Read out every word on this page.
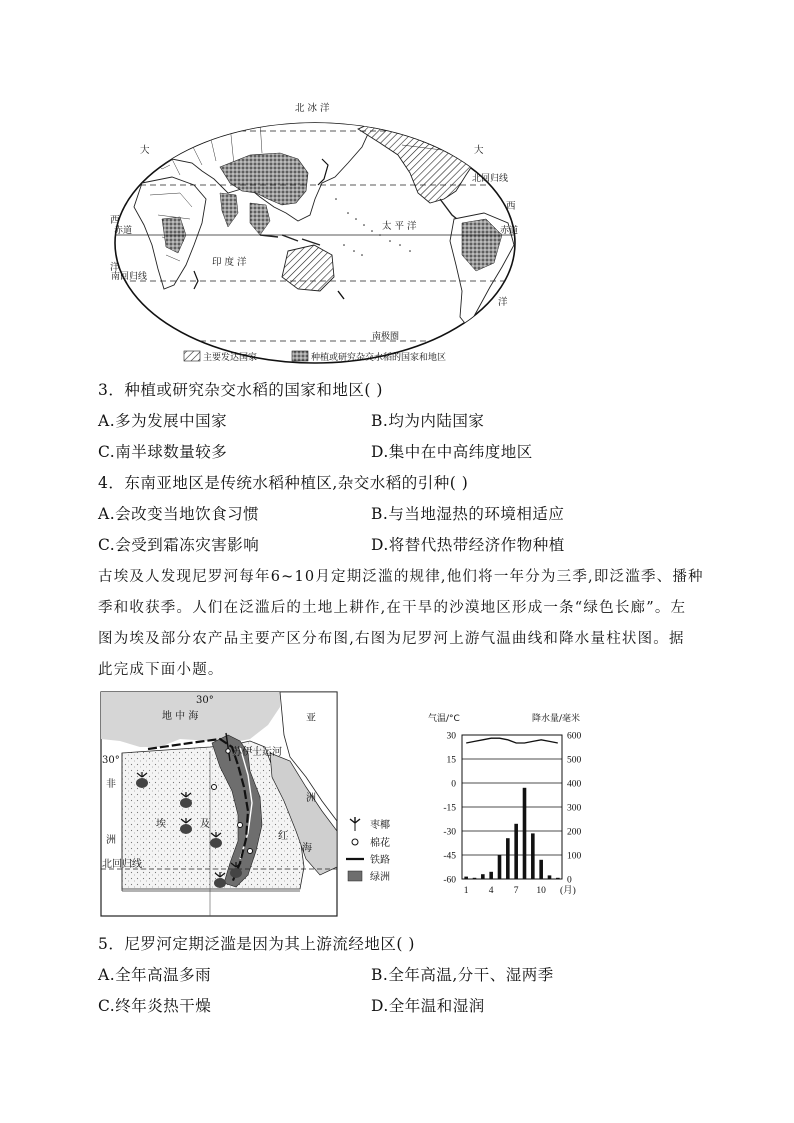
北 冰 洋
太 平 洋
印 度 洋
北回归线
南回归线
赤道	赤道
南极圈
大
西
洋
大
西
洋
主要发达国家	种植或研究杂交水稻的国家和地区
3．种植或研究杂交水稻的国家和地区( )
A.多为发展中国家	B.均为内陆国家
C.南半球数量较多	D.集中在中高纬度地区
4．东南亚地区是传统水稻种植区,杂交水稻的引种( )
A.会改变当地饮食习惯	B.与当地湿热的环境相适应
C.会受到霜冻灾害影响	D.将替代热带经济作物种植
古埃及人发现尼罗河每年6~10月定期泛滥的规律,他们将一年分为三季,即泛滥季、播种
季和收获季。人们在泛滥后的土地上耕作,在干旱的沙漠地区形成一条“绿色长廊”。左
图为埃及部分农产品主要产区分布图,右图为尼罗河上游气温曲线和降水量柱状图。据
此完成下面小题。
30°
30°
地 中 海	亚
洲
非
洲
埃	及
苏伊士运河
红
海
北回归线
枣椰
棉花
铁路
绿洲
气温/°C	降水量/毫米
30
15
0
-15
-30
-45
-60
600
500
400
300
200
100
0
1 4 7 10 (月)
5．尼罗河定期泛滥是因为其上游流经地区( )
A.全年高温多雨	B.全年高温,分干、湿两季
C.终年炎热干燥	D.全年温和湿润
